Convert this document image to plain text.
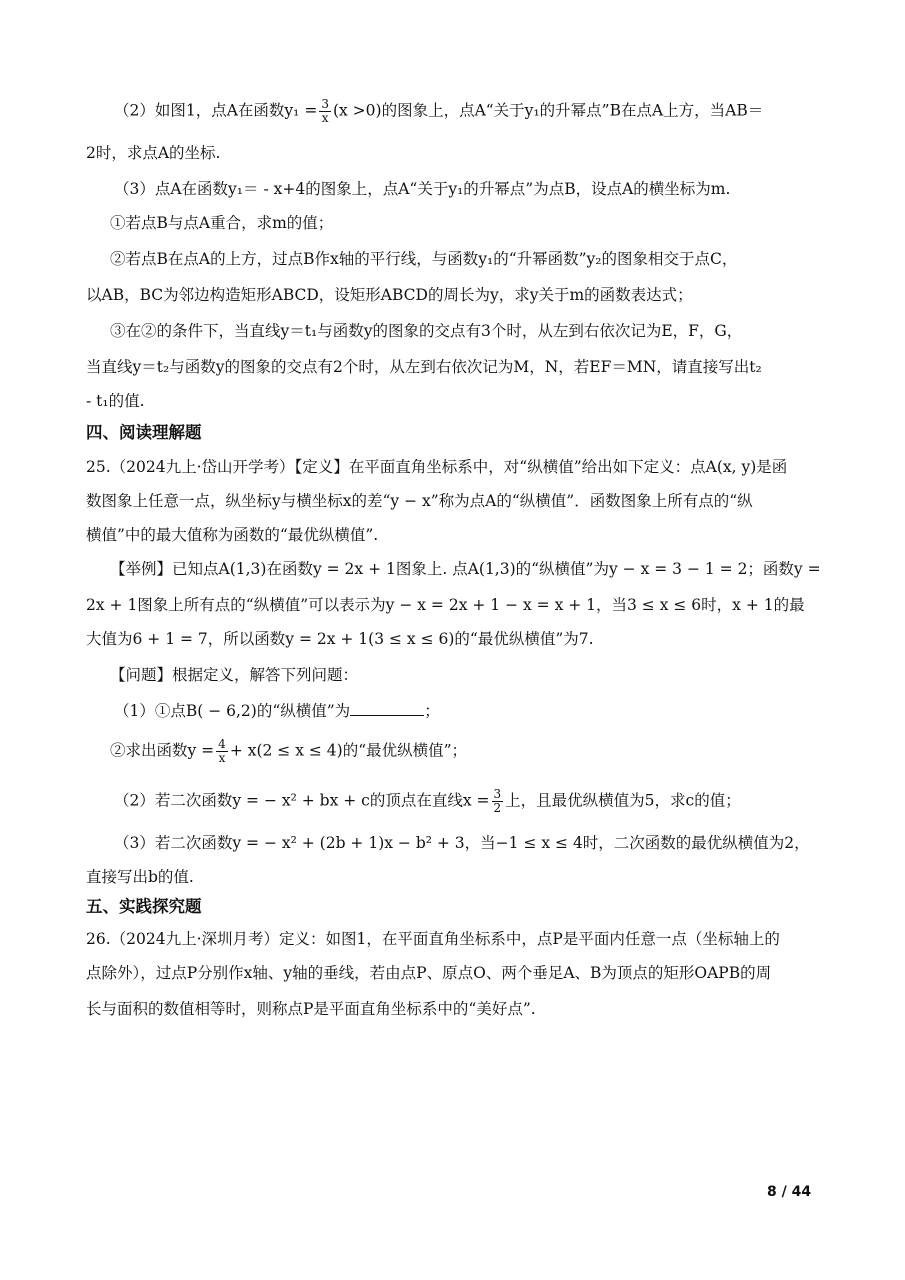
（2）如图1，点A在函数$y_1 = \frac{3}{x} (x >0)$的图象上，点A“关于y₁的升幂点”B在点A上方，当AB＝
2时，求点A的坐标.
（3）点A在函数y₁＝ - x+4的图象上，点A“关于y₁的升幂点”为点B，设点A的横坐标为m.
①若点B与点A重合，求m的值；
②若点B在点A的上方，过点B作x轴的平行线，与函数y₁的“升幂函数”y₂的图象相交于点C，
以AB，BC为邻边构造矩形ABCD，设矩形ABCD的周长为y，求y关于m的函数表达式；
③在②的条件下，当直线y＝t₁与函数y的图象的交点有3个时，从左到右依次记为E，F，G，
当直线y＝t₂与函数y的图象的交点有2个时，从左到右依次记为M，N，若EF＝MN，请直接写出t₂
- t₁的值.
四、阅读理解题
25.（2024九上·岱山开学考）【定义】在平面直角坐标系中，对“纵横值”给出如下定义：点A(x, y)是函
数图象上任意一点，纵坐标y与横坐标x的差“y − x”称为点A的“纵横值”．函数图象上所有点的“纵
横值”中的最大值称为函数的“最优纵横值”.
【举例】已知点A(1,3)在函数y = 2x + 1图象上. 点A(1,3)的“纵横值”为y − x = 3 − 1 = 2；函数y =
2x + 1图象上所有点的“纵横值”可以表示为y − x = 2x + 1 − x = x + 1，当3 ≤ x ≤ 6时，x + 1的最
大值为6 + 1 = 7，所以函数y = 2x + 1(3 ≤ x ≤ 6)的“最优纵横值”为7.
【问题】根据定义，解答下列问题：
（1）①点B( − 6,2)的“纵横值”为	；
②求出函数$y = \frac{4}{x} + x(2 \le x \le 4)$的“最优纵横值”；
（2）若二次函数y = − x² + bx + c的顶点在直线$x = \frac{3}{2}$ 上，且最优纵横值为5，求c的值；
（3）若二次函数y = − x² + (2b + 1)x − b² + 3，当−1 ≤ x ≤ 4时，二次函数的最优纵横值为2，
直接写出b的值.
五、实践探究题
26.（2024九上·深圳月考）定义：如图1，在平面直角坐标系中，点P是平面内任意一点（坐标轴上的
点除外），过点P分别作x轴、y轴的垂线，若由点P、原点O、两个垂足A、B为顶点的矩形OAPB的周
长与面积的数值相等时，则称点P是平面直角坐标系中的“美好点”.
8 / 44
